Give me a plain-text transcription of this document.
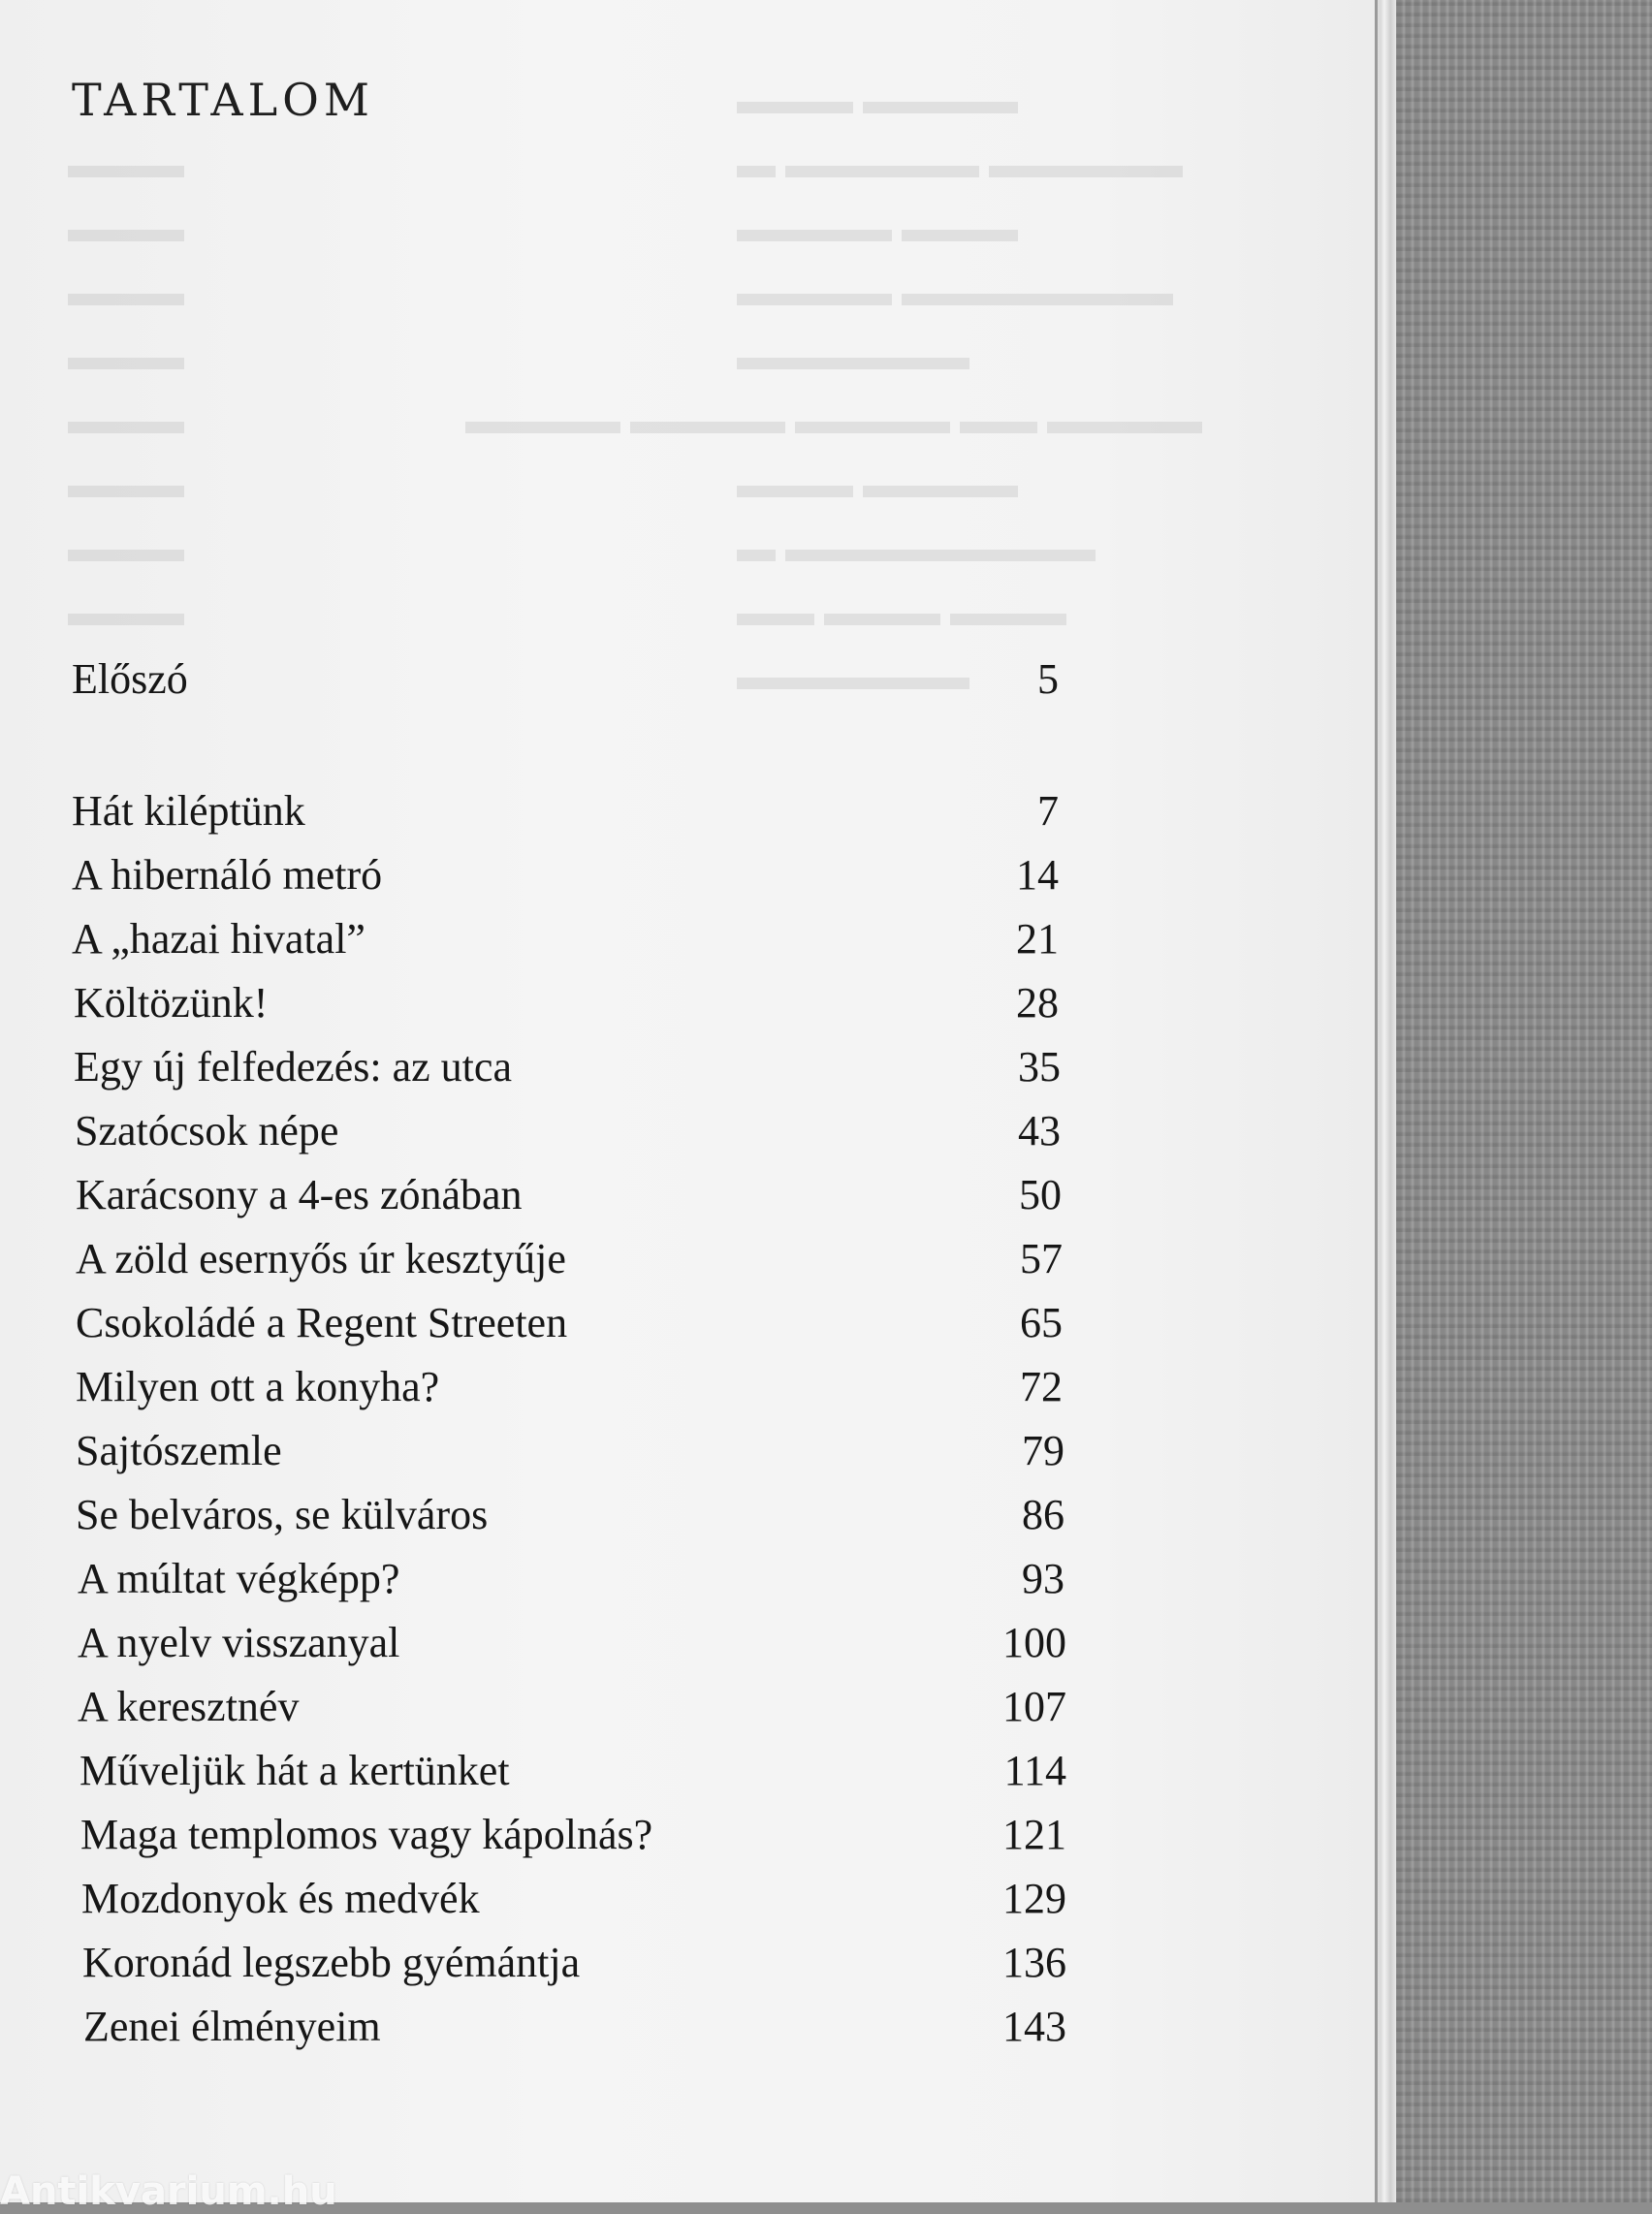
▬▬▬ ▬▬▬▬
▬ ▬▬▬▬▬ ▬▬▬▬▬
▬▬▬▬ ▬▬▬
▬▬▬▬ ▬▬▬▬▬▬▬
▬▬▬▬▬▬
▬▬▬▬ ▬▬▬▬ ▬▬▬▬ ▬▬ ▬▬▬▬
▬▬▬ ▬▬▬▬
▬ ▬▬▬▬▬▬▬▬
▬▬ ▬▬▬ ▬▬▬
▬▬▬▬▬▬
▬▬▬
▬▬▬
▬▬▬
▬▬▬
▬▬▬
▬▬▬
▬▬▬
▬▬▬
TARTALOM
Előszó	5
Hát kiléptünk	7
A hibernáló metró	14
A „hazai hivatal”	21
Költözünk!	28
Egy új felfedezés: az utca	35
Szatócsok népe	43
Karácsony a 4-es zónában	50
A zöld esernyős úr kesztyűje	57
Csokoládé a Regent Streeten	65
Milyen ott a konyha?	72
Sajtószemle	79
Se belváros, se külváros	86
A múltat végképp?	93
A nyelv visszanyal	100
A keresztnév	107
Műveljük hát a kertünket	114
Maga templomos vagy kápolnás?	121
Mozdonyok és medvék	129
Koronád legszebb gyémántja	136
Zenei élményeim	143
Antikvarium.hu
